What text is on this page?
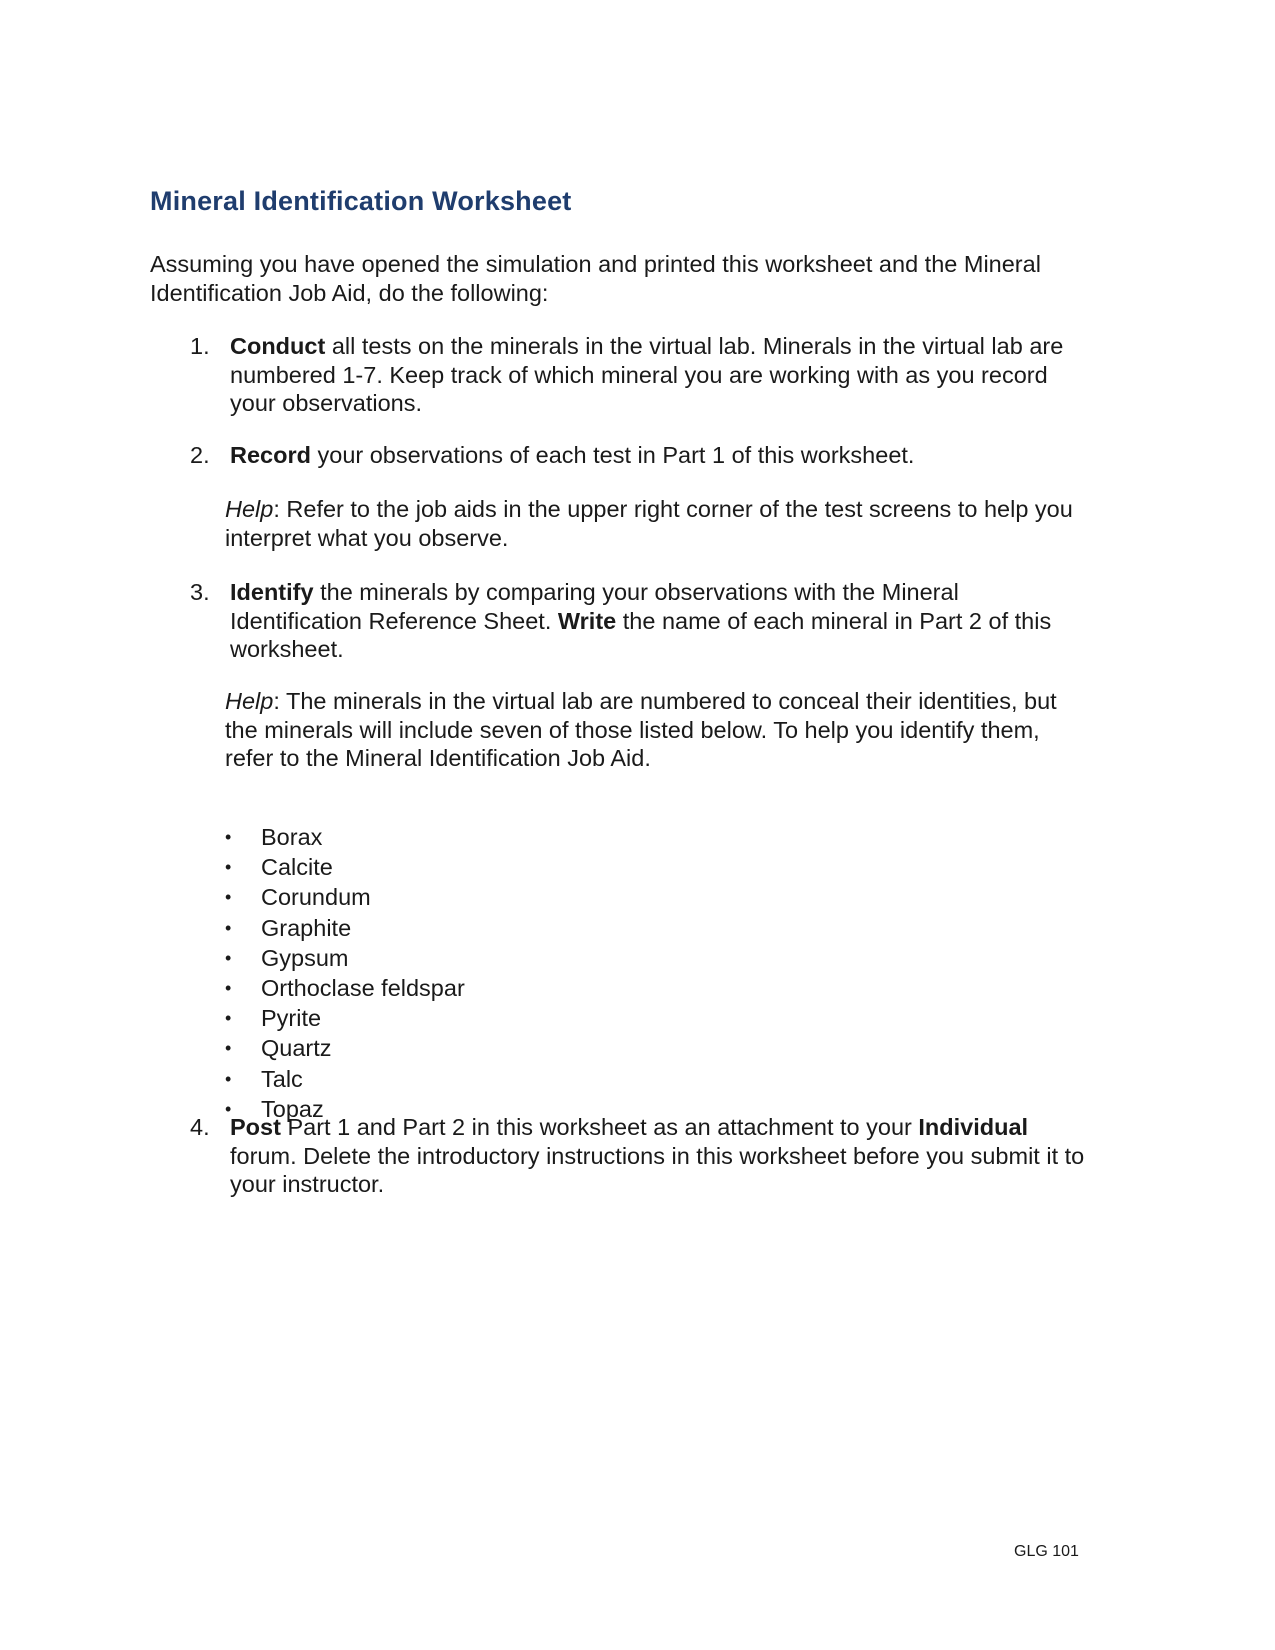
Mineral Identification Worksheet
Assuming you have opened the simulation and printed this worksheet and the Mineral Identification Job Aid, do the following:
1. Conduct all tests on the minerals in the virtual lab. Minerals in the virtual lab are numbered 1-7. Keep track of which mineral you are working with as you record your observations.
2. Record your observations of each test in Part 1 of this worksheet.
Help: Refer to the job aids in the upper right corner of the test screens to help you interpret what you observe.
3. Identify the minerals by comparing your observations with the Mineral Identification Reference Sheet. Write the name of each mineral in Part 2 of this worksheet.
Help: The minerals in the virtual lab are numbered to conceal their identities, but the minerals will include seven of those listed below. To help you identify them, refer to the Mineral Identification Job Aid.
• Borax
• Calcite
• Corundum
• Graphite
• Gypsum
• Orthoclase feldspar
• Pyrite
• Quartz
• Talc
• Topaz
4. Post Part 1 and Part 2 in this worksheet as an attachment to your Individual forum. Delete the introductory instructions in this worksheet before you submit it to your instructor.
GLG 101
